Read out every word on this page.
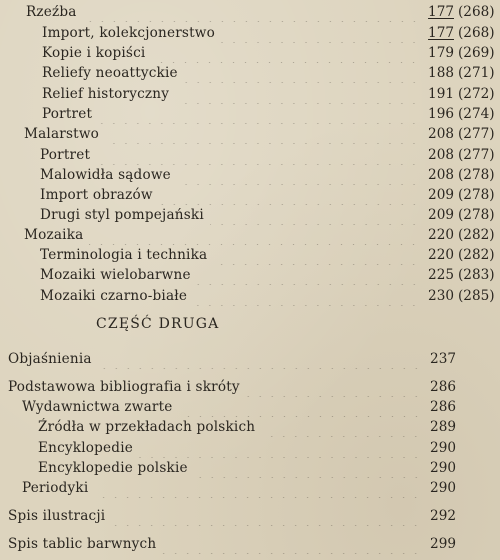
Rzeźba	177 (268)
Import, kolekcjonerstwo	177 (268)
Kopie i kopiści	179 (269)
Reliefy neoattyckie	188 (271)
Relief historyczny	191 (272)
Portret	196 (274)
Malarstwo	208 (277)
Portret	208 (277)
Malowidła sądowe	208 (278)
Import obrazów	209 (278)
Drugi styl pompejański	209 (278)
Mozaika	220 (282)
Terminologia i technika	220 (282)
Mozaiki wielobarwne	225 (283)
Mozaiki czarno-białe	230 (285)
CZĘŚĆ DRUGA
Objaśnienia	237
Podstawowa bibliografia i skróty	286
Wydawnictwa zwarte	286
Źródła w przekładach polskich	289
Encyklopedie	290
Encyklopedie polskie	290
Periodyki	290
Spis ilustracji	292
Spis tablic barwnych	299
